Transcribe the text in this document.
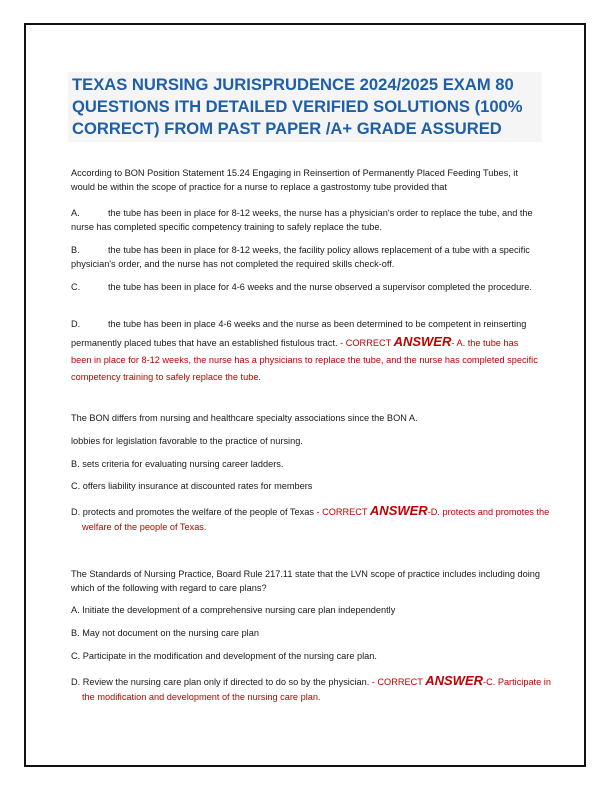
TEXAS NURSING JURISPRUDENCE 2024/2025 EXAM 80 QUESTIONS ITH DETAILED VERIFIED SOLUTIONS (100% CORRECT) FROM PAST PAPER /A+ GRADE ASSURED

According to BON Position Statement 15.24 Engaging in Reinsertion of Permanently Placed Feeding Tubes, it would be within the scope of practice for a nurse to replace a gastrostomy tube provided that

A.	the tube has been in place for 8-12 weeks, the nurse has a physician's order to replace the tube, and the nurse has completed specific competency training to safely replace the tube.

B.	the tube has been in place for 8-12 weeks, the facility policy allows replacement of a tube with a specific physician's order, and the nurse has not completed the required skills check-off.

C.	the tube has been in place for 4-6 weeks and the nurse observed a supervisor completed the procedure.

D.	the tube has been in place 4-6 weeks and the nurse as been determined to be competent in reinserting permanently placed tubes that have an established fistulous tract. - CORRECT ANSWER- A. the tube has been in place for 8-12 weeks, the nurse has a physicians to replace the tube, and the nurse has completed specific competency training to safely replace the tube.

The BON differs from nursing and healthcare specialty associations since the BON A.

lobbies for legislation favorable to the practice of nursing.

B. sets criteria for evaluating nursing career ladders.

C. offers liability insurance at discounted rates for members

D. protects and promotes the welfare of the people of Texas - CORRECT ANSWER-D. protects and promotes the welfare of the people of Texas.

The Standards of Nursing Practice, Board Rule 217.11 state that the LVN scope of practice includes including doing which of the following with regard to care plans?

A. Initiate the development of a comprehensive nursing care plan independently

B. May not document on the nursing care plan

C. Participate in the modification and development of the nursing care plan.

D. Review the nursing care plan only if directed to do so by the physician. - CORRECT ANSWER-C. Participate in the modification and development of the nursing care plan.
